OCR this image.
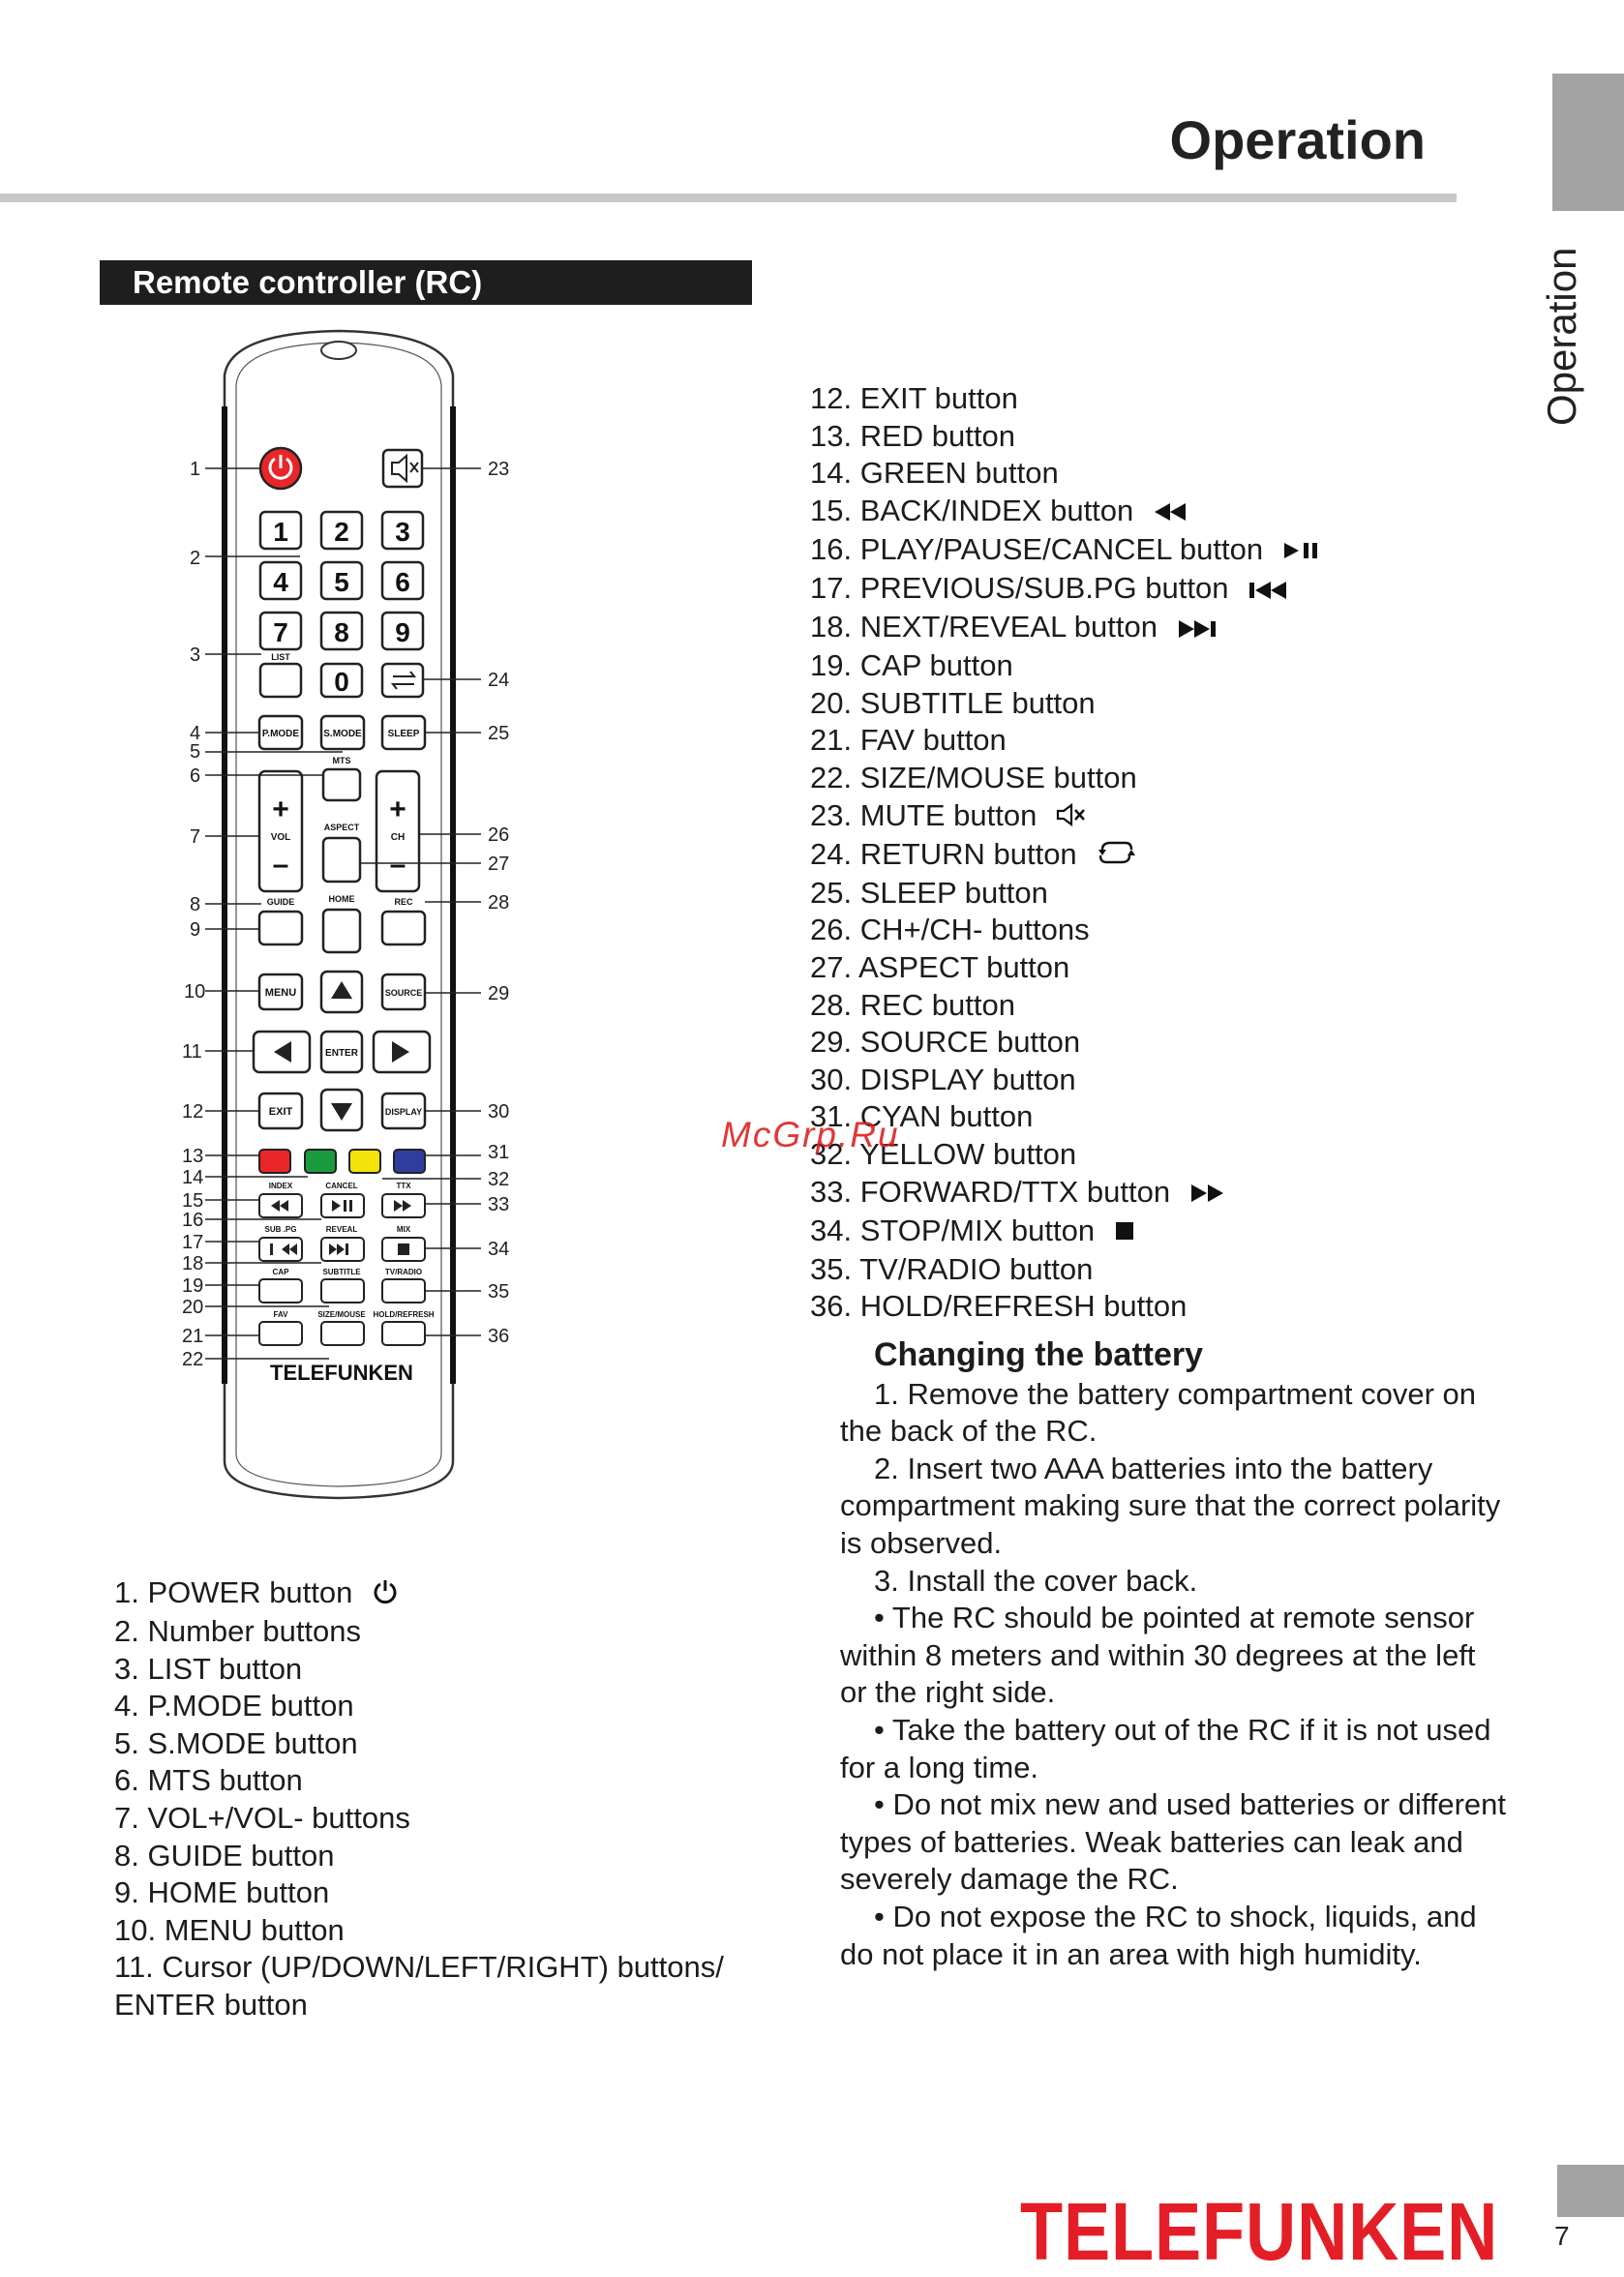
Operation
Operation
Remote controller (RC)
1 2 3
4 5 6
7 8 9
0
LIST
P.MODE	S.MODE	SLEEP
+
–
VOL
+
–
CH
MTS
ASPECT
GUIDE	HOME	REC
MENU	SOURCE
ENTER
EXIT	DISPLAY
INDEX	CANCEL	TTX
SUB .PG	REVEAL	MIX
CAP	SUBTITLE	TV/RADIO
FAV	SIZE/MOUSE HOLD/REFRESH
TELEFUNKEN
1
2
3
4
5
6
7
8
9
10
11
12
13
14
15
16
17
18
19
20
21
22
23
24
25
26
27
28
29
30
31
32
33
34
35
36
1. POWER button
2. Number buttons
3. LIST button
4. P.MODE button
5. S.MODE button
6. MTS button
7. VOL+/VOL- buttons
8. GUIDE button
9. HOME button
10. MENU button
11. Cursor (UP/DOWN/LEFT/RIGHT) buttons/
ENTER button
12. EXIT button
13. RED button
14. GREEN button
15. BACK/INDEX button
16. PLAY/PAUSE/CANCEL button
17. PREVIOUS/SUB.PG button
18. NEXT/REVEAL button
19. CAP button
20. SUBTITLE button
21. FAV button
22. SIZE/MOUSE button
23. MUTE button
24. RETURN button
25. SLEEP button
26. CH+/CH- buttons
27. ASPECT button
28. REC button
29. SOURCE button
30. DISPLAY button
31. CYAN button
32. YELLOW button
33. FORWARD/TTX button
34. STOP/MIX button
35. TV/RADIO button
36. HOLD/REFRESH button
Changing the battery

1. Remove the battery compartment cover on the back of the RC.

2. Insert two AAA batteries into the battery compartment making sure that the correct polarity is observed.

3. Install the cover back.

• The RC should be pointed at remote sensor within 8 meters and within 30 degrees at the left or the right side.

• Take the battery out of the RC if it is not used for a long time.

• Do not mix new and used batteries or different types of batteries. Weak batteries can leak and severely damage the RC.

• Do not expose the RC to shock, liquids, and do not place it in an area with high humidity.

McGrp.Ru
TELEFUNKEN 7
